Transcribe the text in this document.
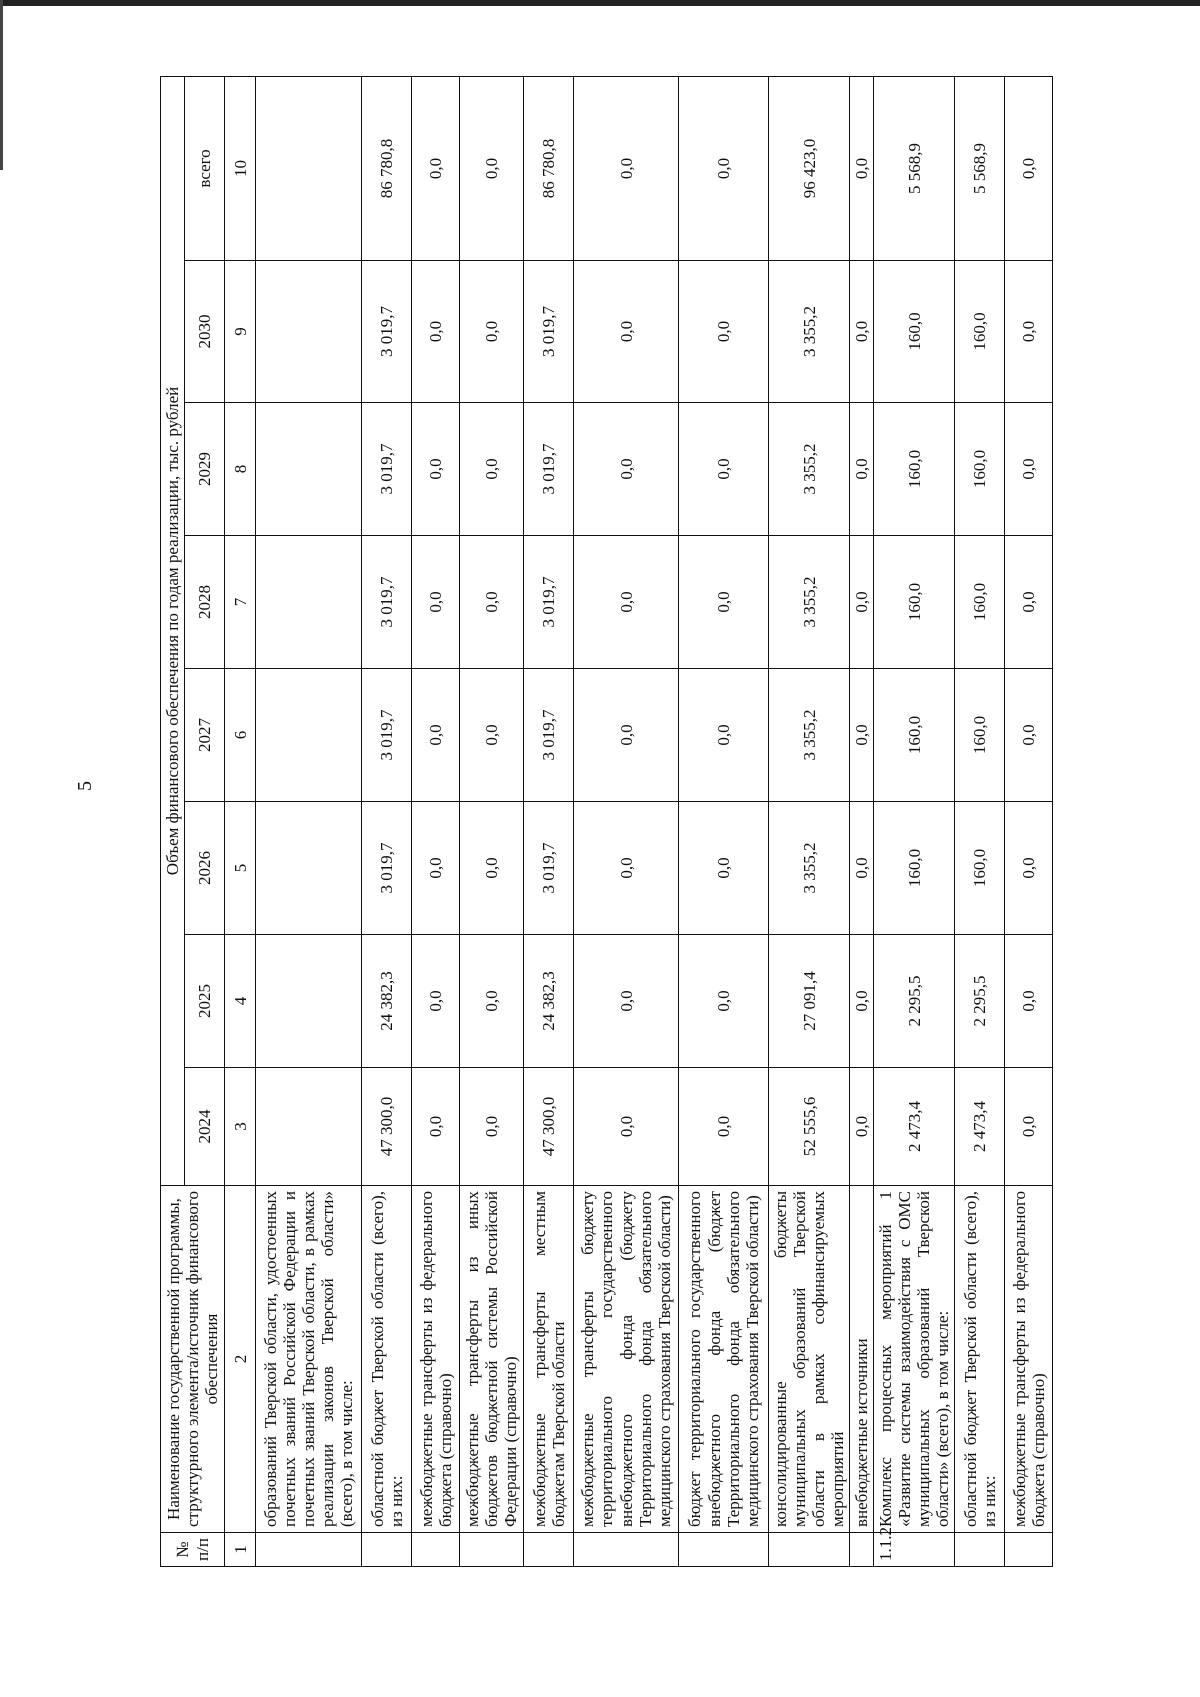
5
№ п/п	Наименование государственной программы, структурного элемента/источник финансового обеспечения	Объем финансового обеспечения по годам реализации, тыс. рублей							
		2024	2025	2026	2027	2028	2029	2030	всего
1	2	3	4	5	6	7	8	9	10
	образований Тверской области, удостоенных почетных званий Российской Федерации и почетных званий Тверской области, в рамках реализации законов Тверской области» (всего), в том числе:								
	областной бюджет Тверской области (всего), из них:	47 300,0	24 382,3	3 019,7	3 019,7	3 019,7	3 019,7	3 019,7	86 780,8
	межбюджетные трансферты из федерального бюджета (справочно)	0,0	0,0	0,0	0,0	0,0	0,0	0,0	0,0
	межбюджетные трансферты из иных бюджетов бюджетной системы Российской Федерации (справочно)	0,0	0,0	0,0	0,0	0,0	0,0	0,0	0,0
	межбюджетные трансферты местным бюджетам Тверской области	47 300,0	24 382,3	3 019,7	3 019,7	3 019,7	3 019,7	3 019,7	86 780,8
	межбюджетные трансферты бюджету территориального государственного внебюджетного фонда (бюджету Территориального фонда обязательного медицинского страхования Тверской области)	0,0	0,0	0,0	0,0	0,0	0,0	0,0	0,0
	бюджет территориального государственного внебюджетного фонда (бюджет Территориального фонда обязательного медицинского страхования Тверской области)	0,0	0,0	0,0	0,0	0,0	0,0	0,0	0,0
	консолидированные бюджеты муниципальных образований Тверской области в рамках софинансируемых мероприятий	52 555,6	27 091,4	3 355,2	3 355,2	3 355,2	3 355,2	3 355,2	96 423,0
	внебюджетные источники	0,0	0,0	0,0	0,0	0,0	0,0	0,0	0,0
1.1.2	Комплекс процессных мероприятий 1 «Развитие системы взаимодействия с ОМС муниципальных образований Тверской области» (всего), в том числе:	2 473,4	2 295,5	160,0	160,0	160,0	160,0	160,0	5 568,9
	областной бюджет Тверской области (всего), из них:	2 473,4	2 295,5	160,0	160,0	160,0	160,0	160,0	5 568,9
	межбюджетные трансферты из федерального бюджета (справочно)	0,0	0,0	0,0	0,0	0,0	0,0	0,0	0,0
